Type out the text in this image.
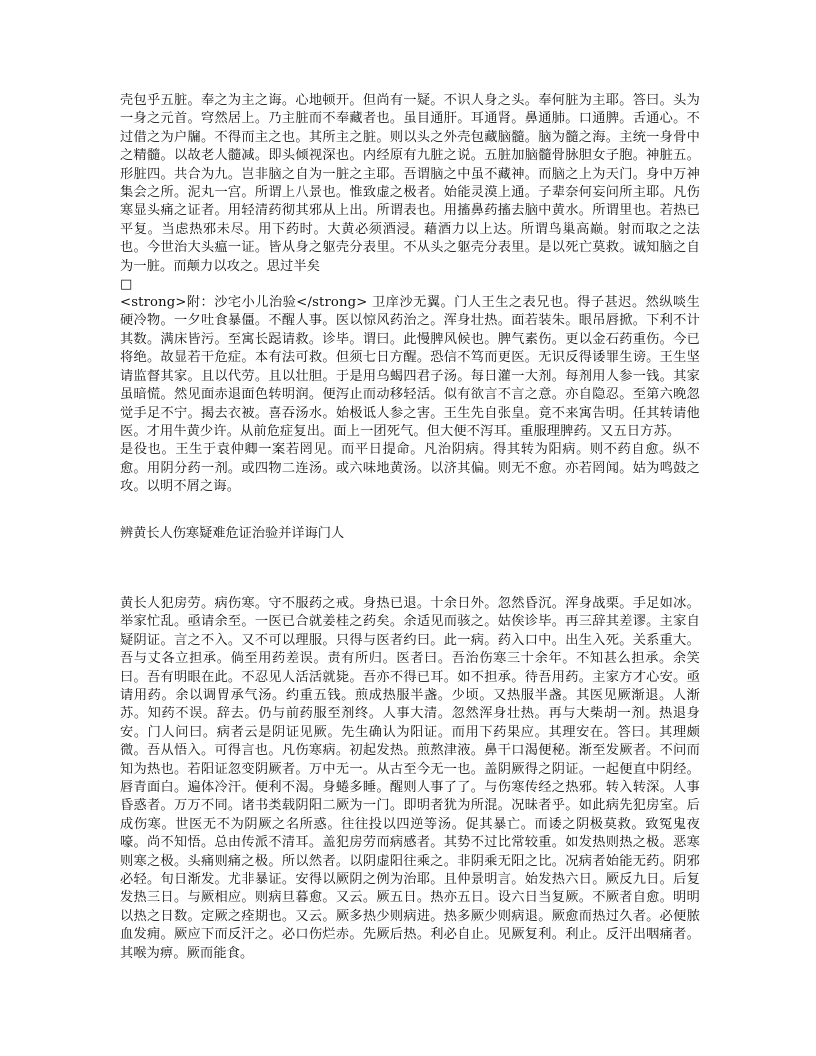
壳包乎五脏。奉之为主之诲。心地顿开。但尚有一疑。不识人身之头。奉何脏为主耶。答曰。头为一身之元首。穹然居上。乃主脏而不奉藏者也。虽目通肝。耳通肾。鼻通肺。口通脾。舌通心。不过借之为户牖。不得而主之也。其所主之脏。则以头之外壳包藏脑髓。脑为髓之海。主统一身骨中之精髓。以故老人髓减。即头倾视深也。内经原有九脏之说。五脏加脑髓骨脉胆女子胞。神脏五。形脏四。共合为九。岂非脑之自为一脏之主耶。吾谓脑之中虽不藏神。而脑之上为天门。身中万神集会之所。泥丸一宫。所谓上八景也。惟致虚之极者。始能灵漠上通。子辈奈何妄问所主耶。凡伤寒显头痛之证者。用轻清药彻其邪从上出。所谓表也。用搐鼻药搐去脑中黄水。所谓里也。若热已平复。当虑热邪未尽。用下药时。大黄必须酒浸。藉酒力以上达。所谓鸟巢高巅。射而取之之法也。今世治大头瘟一证。皆从身之躯壳分表里。不从头之躯壳分表里。是以死亡莫救。诚知脑之自为一脏。而颠力以攻之。思过半矣

□

<strong>附：沙宅小儿治验</strong> 卫庠沙无翼。门人王生之表兄也。得子甚迟。然纵啖生硬冷物。一夕吐食暴僵。不醒人事。医以惊风药治之。浑身壮热。面若装朱。眼吊唇掀。下利不计其数。满床皆污。至寓长跽请救。诊毕。谓曰。此慢脾风候也。脾气素伤。更以金石药重伤。今已将绝。故显若干危症。本有法可救。但须七日方醒。恐信不笃而更医。无识反得诿罪生谤。王生坚请监督其家。且以代劳。且以壮胆。于是用乌蝎四君子汤。每日灌一大剂。每剂用人参一钱。其家虽暗慌。然见面赤退面色转明润。便泻止而动移轻活。似有欲言不言之意。亦自隐忍。至第六晚忽觉手足不宁。揭去衣被。喜吞汤水。始极诋人参之害。王生先自张皇。竟不来寓告明。任其转请他医。才用牛黄少许。从前危症复出。面上一团死气。但大便不泻耳。重服理脾药。又五日方苏。

是役也。王生于袁仲卿一案若罔见。而平日提命。凡治阴病。得其转为阳病。则不药自愈。纵不愈。用阴分药一剂。或四物二连汤。或六味地黄汤。以济其偏。则无不愈。亦若罔闻。姑为鸣鼓之攻。以明不屑之诲。

辨黄长人伤寒疑难危证治验并详诲门人

黄长人犯房劳。病伤寒。守不服药之戒。身热已退。十余日外。忽然昏沉。浑身战栗。手足如冰。举家忙乱。亟请余至。一医已合就姜桂之药矣。余适见而骇之。姑俟诊毕。再三辞其差谬。主家自疑阴证。言之不入。又不可以理服。只得与医者约曰。此一病。药入口中。出生入死。关系重大。吾与丈各立担承。倘至用药差误。责有所归。医者曰。吾治伤寒三十余年。不知甚么担承。余笑曰。吾有明眼在此。不忍见人活活就毙。吾亦不得已耳。如不担承。待吾用药。主家方才心安。亟请用药。余以调胃承气汤。约重五钱。煎成热服半盏。少顷。又热服半盏。其医见厥渐退。人渐苏。知药不误。辞去。仍与前药服至剂终。人事大清。忽然浑身壮热。再与大柴胡一剂。热退身安。门人问曰。病者云是阴证见厥。先生确认为阳证。而用下药果应。其理安在。答曰。其理颇微。吾从悟入。可得言也。凡伤寒病。初起发热。煎熬津液。鼻干口渴便秘。渐至发厥者。不问而知为热也。若阳证忽变阴厥者。万中无一。从古至今无一也。盖阴厥得之阴证。一起便直中阴经。唇青面白。遍体冷汗。便利不渴。身蜷多睡。醒则人事了了。与伤寒传经之热邪。转入转深。人事昏惑者。万万不同。诸书类载阴阳二厥为一门。即明者犹为所混。况昧者乎。如此病先犯房室。后成伤寒。世医无不为阴厥之名所惑。往往投以四逆等汤。促其暴亡。而诿之阴极莫救。致冤鬼夜嚎。尚不知悟。总由传派不清耳。盖犯房劳而病感者。其势不过比常较重。如发热则热之极。恶寒则寒之极。头痛则痛之极。所以然者。以阴虚阳往乘之。非阴乘无阳之比。况病者始能无药。阴邪必轻。旬日渐发。尤非暴证。安得以厥阴之例为治耶。且仲景明言。始发热六日。厥反九日。后复发热三日。与厥相应。则病旦暮愈。又云。厥五日。热亦五日。设六日当复厥。不厥者自愈。明明以热之日数。定厥之痊期也。又云。厥多热少则病进。热多厥少则病退。厥愈而热过久者。必便脓血发痈。厥应下而反汗之。必口伤烂赤。先厥后热。利必自止。见厥复利。利止。反汗出咽痛者。其喉为痹。厥而能食。
